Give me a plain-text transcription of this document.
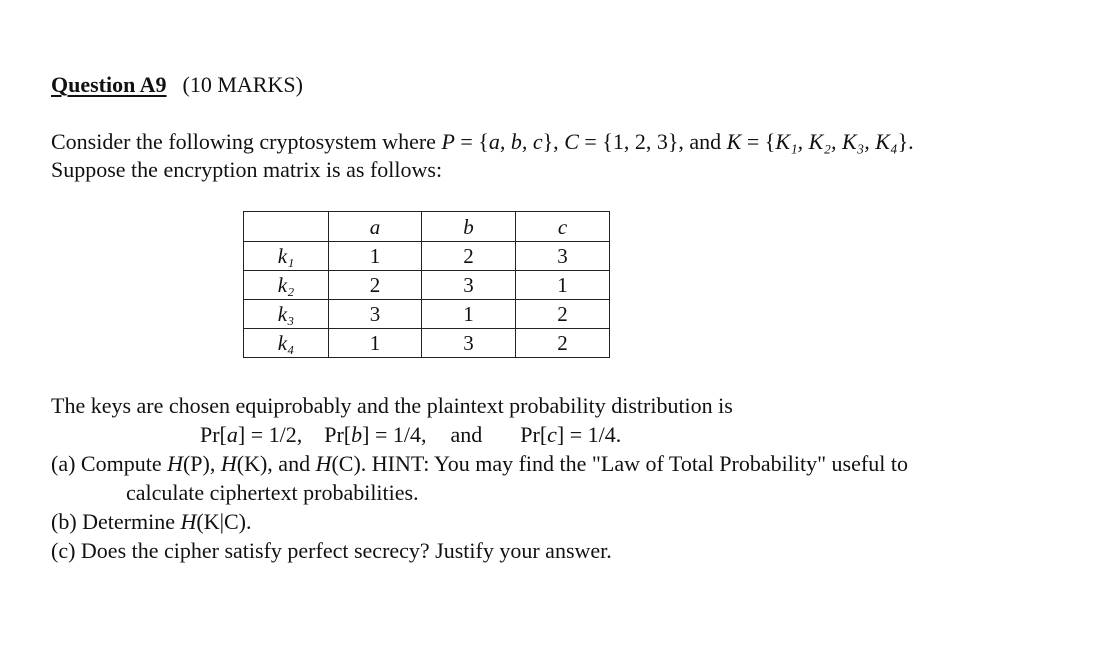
Question A9 (10 MARKS)
Consider the following cryptosystem where P = {a, b, c}, C = {1, 2, 3}, and K = {K₁, K₂, K₃, K₄}.
Suppose the encryption matrix is as follows:
	a	b	c
k₁	1	2	3
k₂	2	3	1
k₃	3	1	2
k₄	1	3	2
The keys are chosen equiprobably and the plaintext probability distribution is
Pr[a] = 1/2, Pr[b] = 1/4, and Pr[c] = 1/4.
(a) Compute H(P), H(K), and H(C). HINT: You may find the "Law of Total Probability" useful to
calculate ciphertext probabilities.
(b) Determine H(K|C).
(c) Does the cipher satisfy perfect secrecy? Justify your answer.
